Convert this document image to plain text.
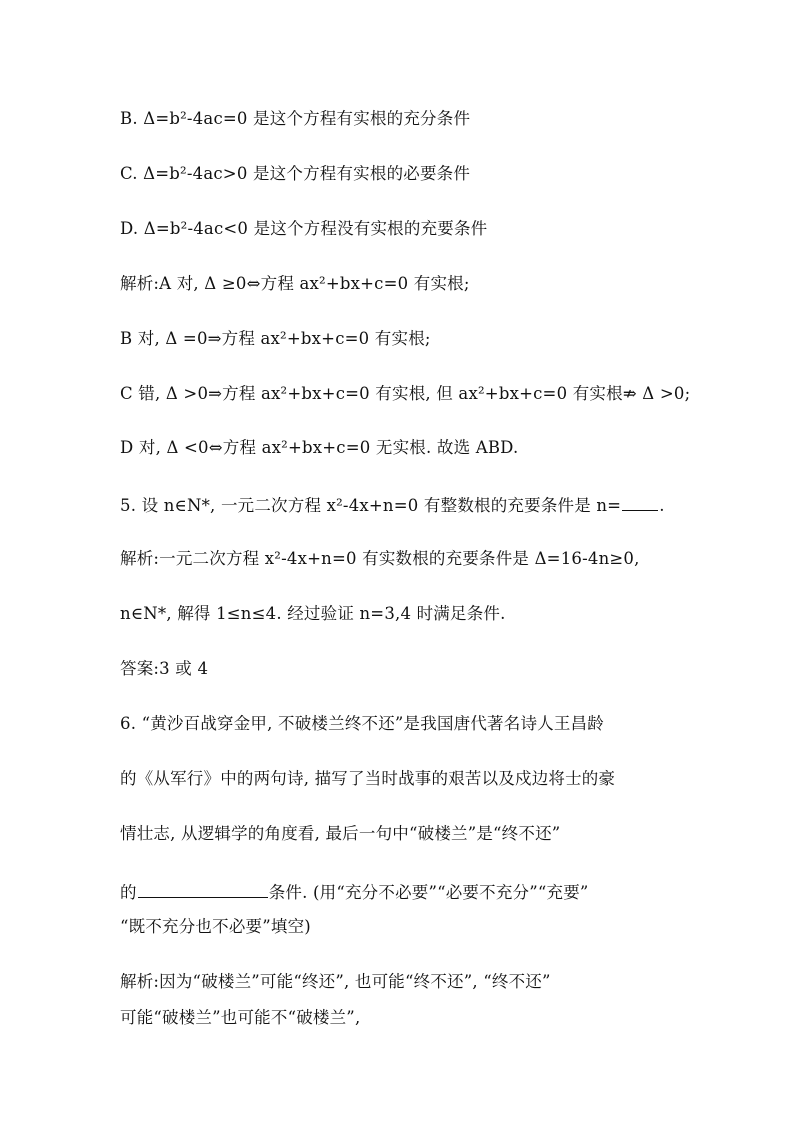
B. Δ=b²-4ac=0 是这个方程有实根的充分条件
C. Δ=b²-4ac>0 是这个方程有实根的必要条件
D. Δ=b²-4ac<0 是这个方程没有实根的充要条件
解析:A 对, Δ ≥0⇔方程 ax²+bx+c=0 有实根;
B 对, Δ =0⇒方程 ax²+bx+c=0 有实根;
C 错, Δ >0⇒方程 ax²+bx+c=0 有实根, 但 ax²+bx+c=0 有实根⇏ Δ >0;
D 对, Δ <0⇔方程 ax²+bx+c=0 无实根. 故选 ABD.
5. 设 n∈N*, 一元二次方程 x²-4x+n=0 有整数根的充要条件是 n= .
解析:一元二次方程 x²-4x+n=0 有实数根的充要条件是 Δ=16-4n≥0,
n∈N*, 解得 1≤n≤4. 经过验证 n=3,4 时满足条件.
答案:3 或 4
6. “黄沙百战穿金甲, 不破楼兰终不还”是我国唐代著名诗人王昌龄
的《从军行》中的两句诗, 描写了当时战事的艰苦以及戍边将士的豪
情壮志, 从逻辑学的角度看, 最后一句中“破楼兰”是“终不还”
的	条件. (用“充分不必要”“必要不充分”“充要”
“既不充分也不必要”填空)
解析:因为“破楼兰”可能“终还”, 也可能“终不还”, “终不还”
可能“破楼兰”也可能不“破楼兰”,
